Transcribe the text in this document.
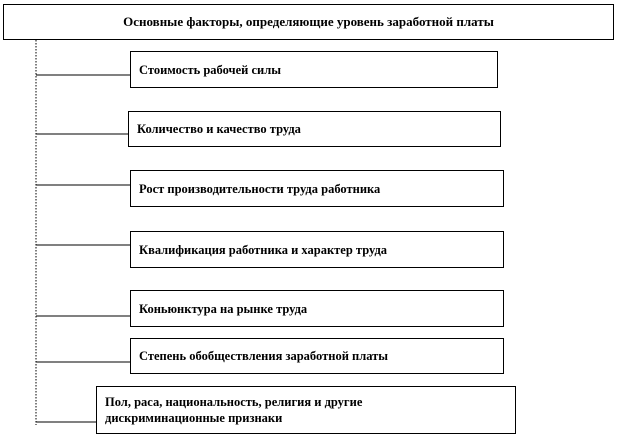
Основные факторы, определяющие уровень заработной платы
Стоимость рабочей силы
Количество и качество труда
Рост производительности труда работника
Квалификация работника и характер труда
Коньюнктура на рынке труда
Степень обобществления заработной платы
Пол, раса, национальность, религия и другие дискриминационные признаки
